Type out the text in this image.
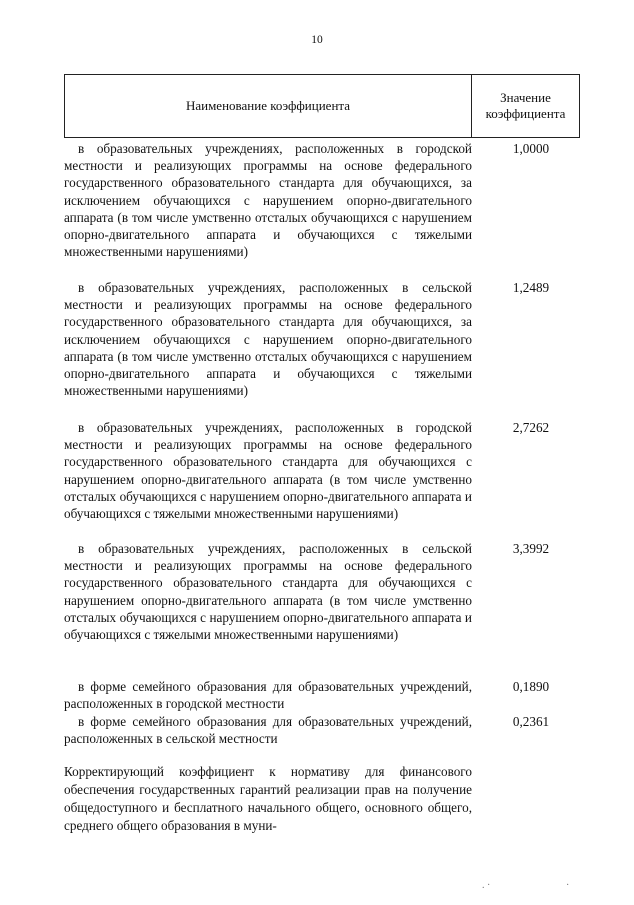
10
Наименование коэффициента
Значение
коэффициента
в образовательных учреждениях, расположенных в городской местности и реализующих программы на основе федерального государственного образовательного стандарта для обучающихся, за исключением обучающихся с нарушением опорно-двигательного аппарата (в том числе умственно отсталых обучающихся с нарушением опорно-двигательного аппарата и обучающихся с тяжелыми множественными нарушениями)
1,0000
в образовательных учреждениях, расположенных в сельской местности и реализующих программы на основе федерального государственного образовательного стандарта для обучающихся, за исключением обучающихся с нарушением опорно-двигательного аппарата (в том числе умственно отсталых обучающихся с нарушением опорно-двигательного аппарата и обучающихся с тяжелыми множественными нарушениями)
1,2489
в образовательных учреждениях, расположенных в городской местности и реализующих программы на основе федерального государственного образовательного стандарта для обучающихся с нарушением опорно-двигательного аппарата (в том числе умственно отсталых обучающихся с нарушением опорно-двигательного аппарата и обучающихся с тяжелыми множественными нарушениями)
2,7262
в образовательных учреждениях, расположенных в сельской местности и реализующих программы на основе федерального государственного образовательного стандарта для обучающихся с нарушением опорно-двигательного аппарата (в том числе умственно отсталых обучающихся с нарушением опорно-двигательного аппарата и обучающихся с тяжелыми множественными нарушениями)
3,3992
в форме семейного образования для образовательных учреждений, расположенных в городской местности
0,1890
в форме семейного образования для образовательных учреждений, расположенных в сельской местности
0,2361
Корректирующий коэффициент к нормативу для финансового обеспечения государственных гарантий реализации прав на получение общедоступного и бесплатного начального общего, основного общего, среднего общего образования в муни-
. ·	·
